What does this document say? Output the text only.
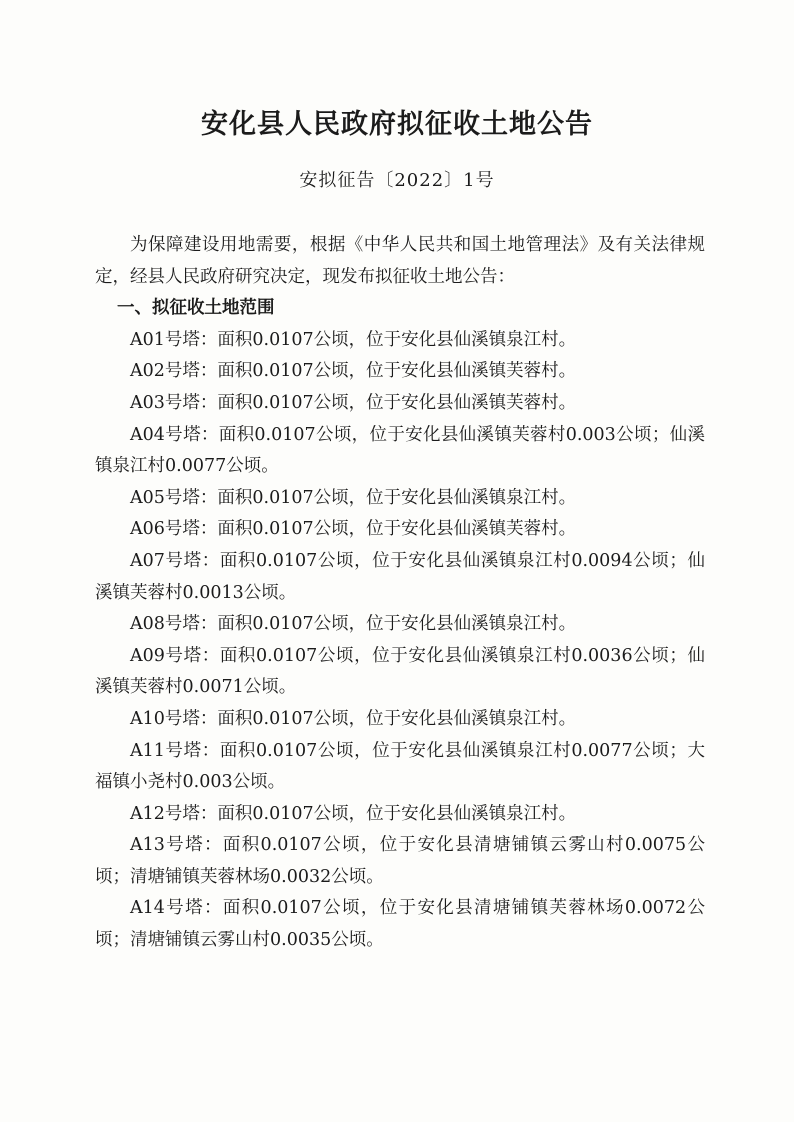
安化县人民政府拟征收土地公告

安拟征告〔2022〕1号

为保障建设用地需要，根据《中华人民共和国土地管理法》及有关法律规定，经县人民政府研究决定，现发布拟征收土地公告：

一、拟征收土地范围

A01号塔：面积0.0107公顷，位于安化县仙溪镇泉江村。
A02号塔：面积0.0107公顷，位于安化县仙溪镇芙蓉村。
A03号塔：面积0.0107公顷，位于安化县仙溪镇芙蓉村。
A04号塔：面积0.0107公顷，位于安化县仙溪镇芙蓉村0.003公顷；仙溪镇泉江村0.0077公顷。
A05号塔：面积0.0107公顷，位于安化县仙溪镇泉江村。
A06号塔：面积0.0107公顷，位于安化县仙溪镇芙蓉村。
A07号塔：面积0.0107公顷，位于安化县仙溪镇泉江村0.0094公顷；仙溪镇芙蓉村0.0013公顷。
A08号塔：面积0.0107公顷，位于安化县仙溪镇泉江村。
A09号塔：面积0.0107公顷，位于安化县仙溪镇泉江村0.0036公顷；仙溪镇芙蓉村0.0071公顷。
A10号塔：面积0.0107公顷，位于安化县仙溪镇泉江村。
A11号塔：面积0.0107公顷，位于安化县仙溪镇泉江村0.0077公顷；大福镇小尧村0.003公顷。
A12号塔：面积0.0107公顷，位于安化县仙溪镇泉江村。
A13号塔：面积0.0107公顷，位于安化县清塘铺镇云雾山村0.0075公顷；清塘铺镇芙蓉林场0.0032公顷。
A14号塔：面积0.0107公顷，位于安化县清塘铺镇芙蓉林场0.0072公顷；清塘铺镇云雾山村0.0035公顷。
